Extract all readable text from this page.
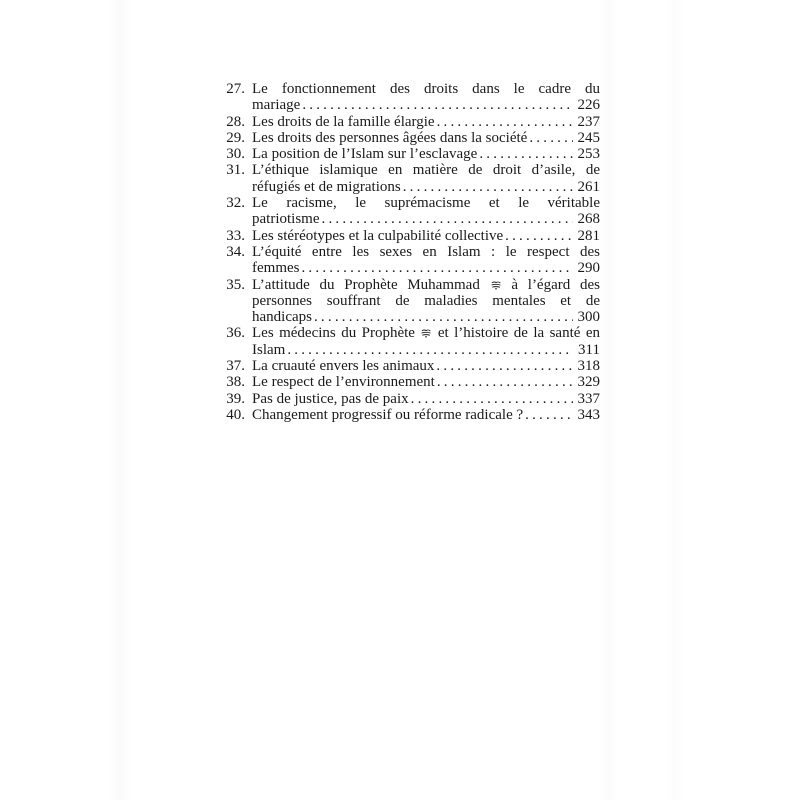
27. Le fonctionnement des droits dans le cadre du
mariage .....	226
28. Les droits de la famille élargie .....	237
29. Les droits des personnes âgées dans la société .....	245
30. La position de l’Islam sur l’esclavage .....	253
31. L’éthique islamique en matière de droit d’asile, de
réfugiés et de migrations .....	261
32. Le racisme, le suprémacisme et le véritable
patriotisme .....	268
33. Les stéréotypes et la culpabilité collective .....	281
34. L’équité entre les sexes en Islam : le respect des
femmes .....	290
35. L’attitude du Prophète Muhammad
à l’égard des
personnes souffrant de maladies mentales et de
handicaps .....	300
36. Les médecins du Prophète
et l’histoire de la santé en
Islam .....	311
37. La cruauté envers les animaux .....	318
38. Le respect de l’environnement .....	329
39. Pas de justice, pas de paix .....	337
40. Changement progressif ou réforme radicale ? .....	343
